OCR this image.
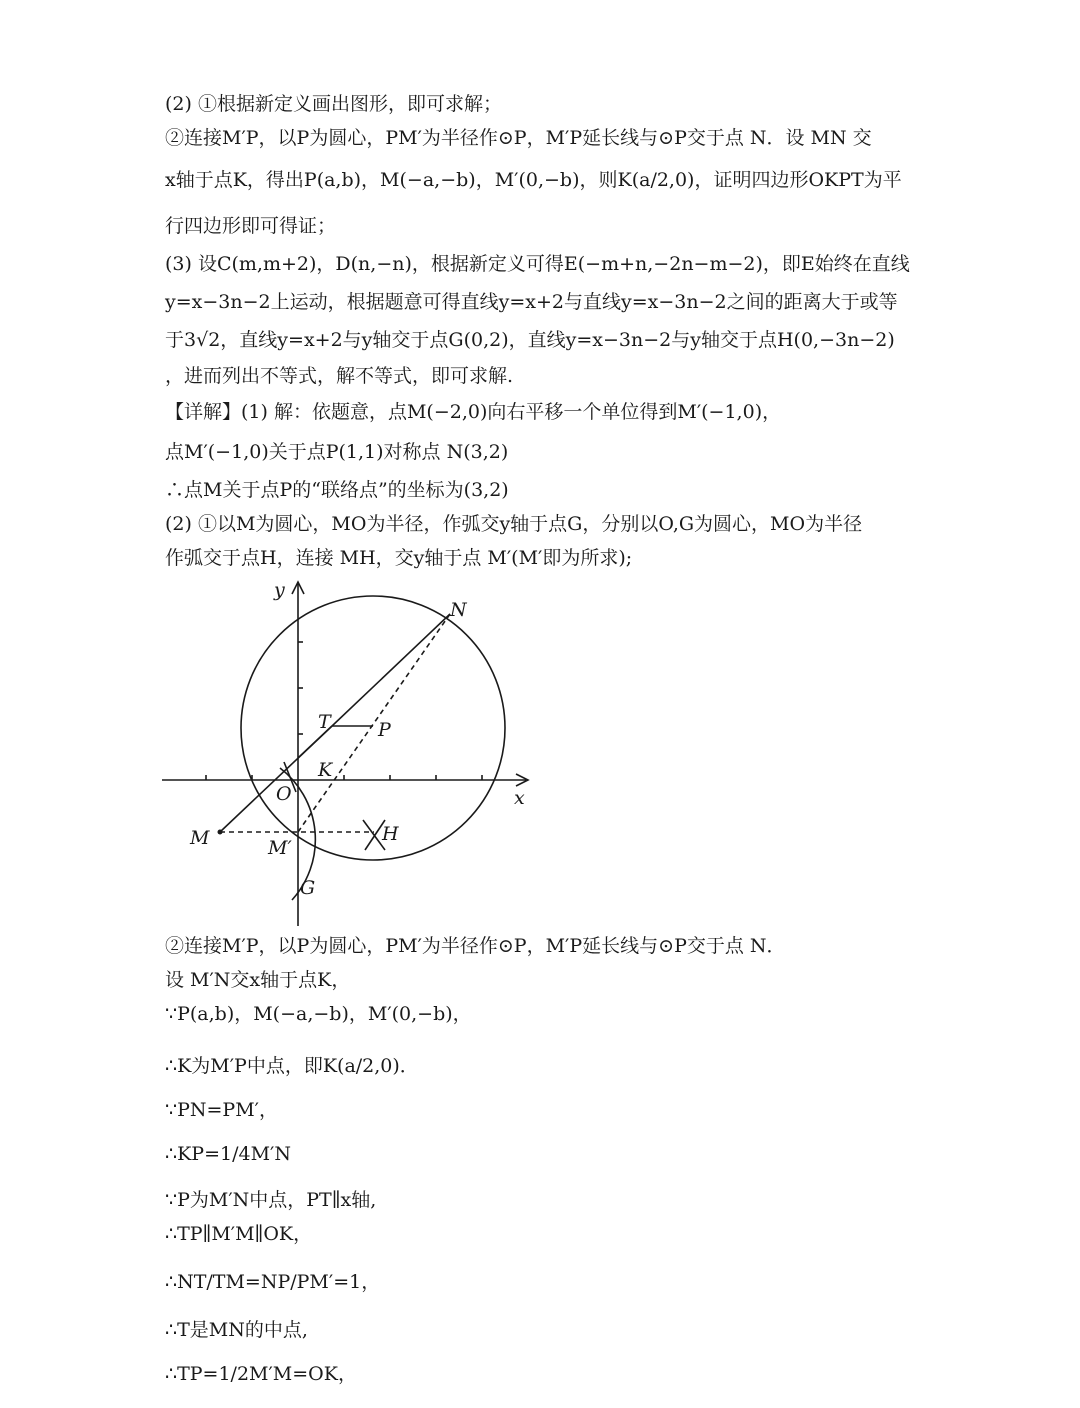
(2) ①根据新定义画出图形，即可求解；
②连接M′P，以P为圆心，PM′为半径作⊙P，M′P延长线与⊙P交于点 N．设 MN 交
x轴于点K，得出P(a,b)，M(−a,−b)，M′(0,−b)，则K(a/2,0)，证明四边形OKPT为平
行四边形即可得证；
(3) 设C(m,m+2)，D(n,−n)，根据新定义可得E(−m+n,−2n−m−2)，即E始终在直线
y=x−3n−2上运动，根据题意可得直线y=x+2与直线y=x−3n−2之间的距离大于或等
于3√2，直线y=x+2与y轴交于点G(0,2)，直线y=x−3n−2与y轴交于点H(0,−3n−2)
，进而列出不等式，解不等式，即可求解.
【详解】(1) 解：依题意，点M(−2,0)向右平移一个单位得到M′(−1,0)，
点M′(−1,0)关于点P(1,1)对称点 N(3,2)
∴点M关于点P的“联络点”的坐标为(3,2)
(2) ①以M为圆心，MO为半径，作弧交y轴于点G，分别以O,G为圆心，MO为半径
作弧交于点H，连接 MH，交y轴于点 M′(M′即为所求);
y
x
N
T P
K
O
M	M′
H
G
②连接M′P，以P为圆心，PM′为半径作⊙P，M′P延长线与⊙P交于点 N．
设 M′N交x轴于点K，
∵P(a,b)，M(−a,−b)，M′(0,−b)，
∴K为M′P中点，即K(a/2,0)．
∵PN=PM′，
∴KP=1/4M′N
∵P为M′N中点，PT∥x轴,
∴TP∥M′M∥OK，
∴NT/TM=NP/PM′=1，
∴T是MN的中点,
∴TP=1/2M′M=OK，
